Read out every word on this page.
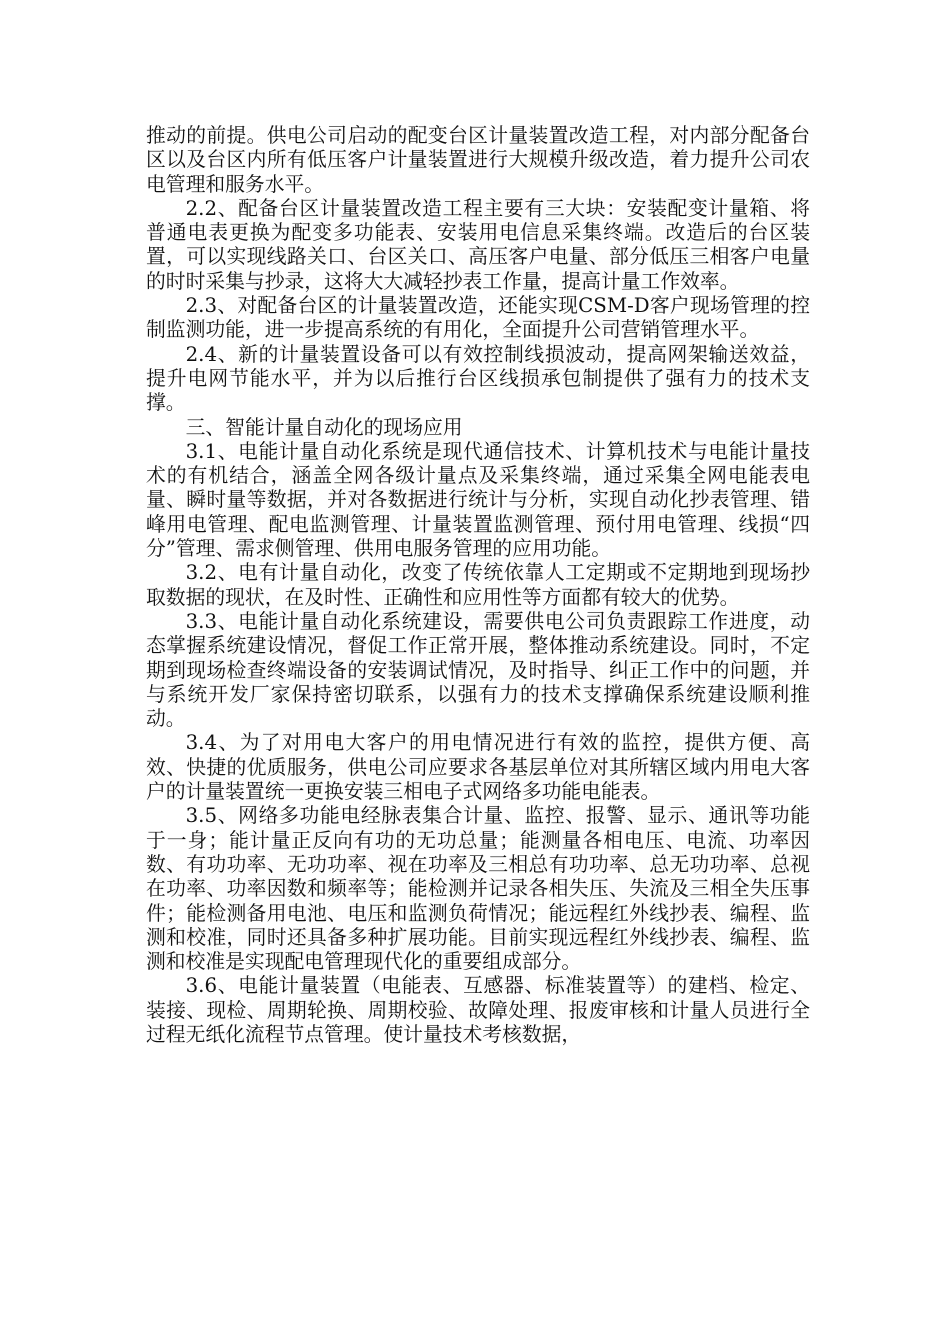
推动的前提。供电公司启动的配变台区计量装置改造工程，对内部分配备台区以及台区内所有低压客户计量装置进行大规模升级改造，着力提升公司农电管理和服务水平。

2.2、配备台区计量装置改造工程主要有三大块：安装配变计量箱、将普通电表更换为配变多功能表、安装用电信息采集终端。改造后的台区装置，可以实现线路关口、台区关口、高压客户电量、部分低压三相客户电量的时时采集与抄录，这将大大减轻抄表工作量，提高计量工作效率。

2.3、对配备台区的计量装置改造，还能实现CSM-D客户现场管理的控制监测功能，进一步提高系统的有用化，全面提升公司营销管理水平。

2.4、新的计量装置设备可以有效控制线损波动，提高网架输送效益，提升电网节能水平，并为以后推行台区线损承包制提供了强有力的技术支撑。

三、智能计量自动化的现场应用

3.1、电能计量自动化系统是现代通信技术、计算机技术与电能计量技术的有机结合，涵盖全网各级计量点及采集终端，通过采集全网电能表电量、瞬时量等数据，并对各数据进行统计与分析，实现自动化抄表管理、错峰用电管理、配电监测管理、计量装置监测管理、预付用电管理、线损“四分”管理、需求侧管理、供用电服务管理的应用功能。

3.2、电有计量自动化，改变了传统依靠人工定期或不定期地到现场抄取数据的现状，在及时性、正确性和应用性等方面都有较大的优势。

3.3、电能计量自动化系统建设，需要供电公司负责跟踪工作进度，动态掌握系统建设情况，督促工作正常开展，整体推动系统建设。同时，不定期到现场检查终端设备的安装调试情况，及时指导、纠正工作中的问题，并与系统开发厂家保持密切联系，以强有力的技术支撑确保系统建设顺利推动。

3.4、为了对用电大客户的用电情况进行有效的监控，提供方便、高效、快捷的优质服务，供电公司应要求各基层单位对其所辖区域内用电大客户的计量装置统一更换安装三相电子式网络多功能电能表。

3.5、网络多功能电经脉表集合计量、监控、报警、显示、通讯等功能于一身；能计量正反向有功的无功总量；能测量各相电压、电流、功率因数、有功功率、无功功率、视在功率及三相总有功功率、总无功功率、总视在功率、功率因数和频率等；能检测并记录各相失压、失流及三相全失压事件；能检测备用电池、电压和监测负荷情况；能远程红外线抄表、编程、监测和校准，同时还具备多种扩展功能。目前实现远程红外线抄表、编程、监测和校准是实现配电管理现代化的重要组成部分。

3.6、电能计量装置（电能表、互感器、标准装置等）的建档、检定、装接、现检、周期轮换、周期校验、故障处理、报废审核和计量人员进行全过程无纸化流程节点管理。使计量技术考核数据，
